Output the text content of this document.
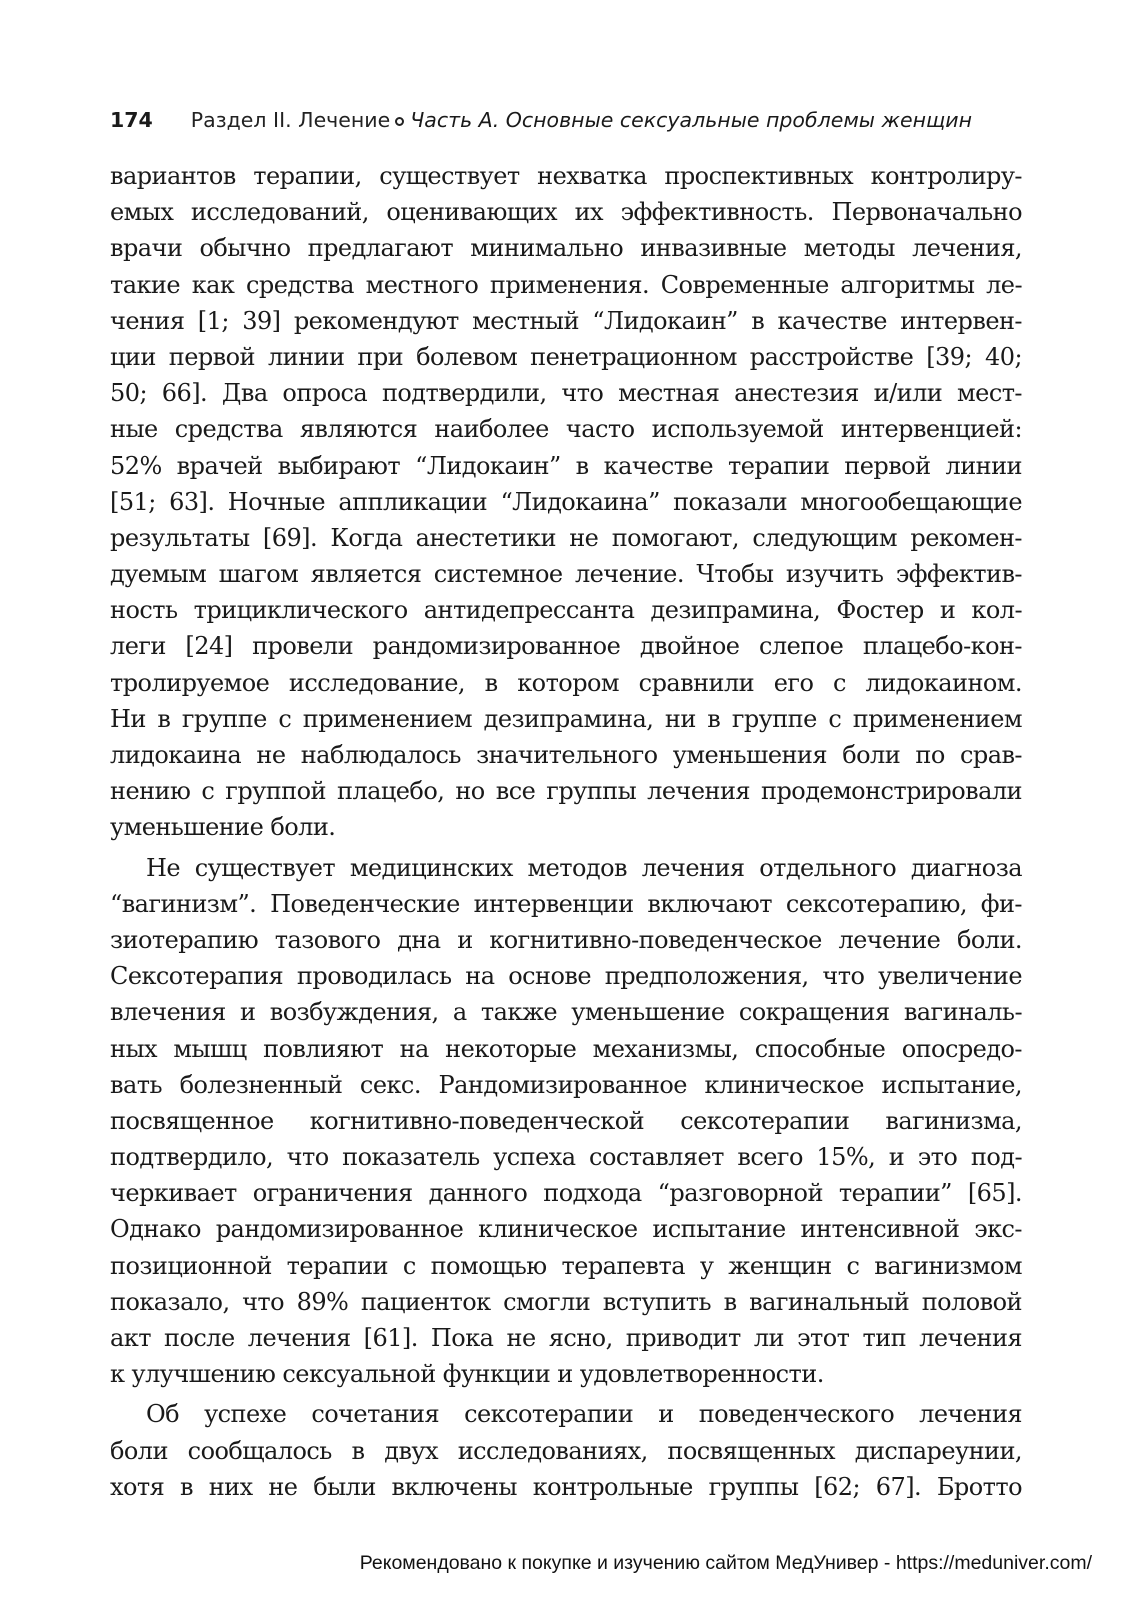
174 Раздел II. Лечение Часть А. Основные сексуальные проблемы женщин
вариантов терапии, существует нехватка проспективных контролиру-
емых исследований, оценивающих их эффективность. Первоначально
врачи обычно предлагают минимально инвазивные методы лечения,
такие как средства местного применения. Современные алгоритмы ле-
чения [1; 39] рекомендуют местный “Лидокаин” в качестве интервен-
ции первой линии при болевом пенетрационном расстройстве [39; 40;
50; 66]. Два опроса подтвердили, что местная анестезия и/или мест-
ные средства являются наиболее часто используемой интервенцией:
52% врачей выбирают “Лидокаин” в качестве терапии первой линии
[51; 63]. Ночные аппликации “Лидокаина” показали многообещающие
результаты [69]. Когда анестетики не помогают, следующим рекомен-
дуемым шагом является системное лечение. Чтобы изучить эффектив-
ность трициклического антидепрессанта дезипрамина, Фостер и кол-
леги [24] провели рандомизированное двойное слепое плацебо-кон-
тролируемое исследование, в котором сравнили его с лидокаином.
Ни в группе с применением дезипрамина, ни в группе с применением
лидокаина не наблюдалось значительного уменьшения боли по срав-
нению с группой плацебо, но все группы лечения продемонстрировали
уменьшение боли.
Не существует медицинских методов лечения отдельного диагноза
“вагинизм”. Поведенческие интервенции включают сексотерапию, фи-
зиотерапию тазового дна и когнитивно-поведенческое лечение боли.
Сексотерапия проводилась на основе предположения, что увеличение
влечения и возбуждения, а также уменьшение сокращения вагиналь-
ных мышц повлияют на некоторые механизмы, способные опосредо-
вать болезненный секс. Рандомизированное клиническое испытание,
посвященное когнитивно-поведенческой сексотерапии вагинизма,
подтвердило, что показатель успеха составляет всего 15%, и это под-
черкивает ограничения данного подхода “разговорной терапии” [65].
Однако рандомизированное клиническое испытание интенсивной экс-
позиционной терапии с помощью терапевта у женщин с вагинизмом
показало, что 89% пациенток смогли вступить в вагинальный половой
акт после лечения [61]. Пока не ясно, приводит ли этот тип лечения
к улучшению сексуальной функции и удовлетворенности.
Об успехе сочетания сексотерапии и поведенческого лечения
боли сообщалось в двух исследованиях, посвященных диспареунии,
хотя в них не были включены контрольные группы [62; 67]. Бротто
Рекомендовано к покупке и изучению сайтом МедУнивер - https://meduniver.com/
